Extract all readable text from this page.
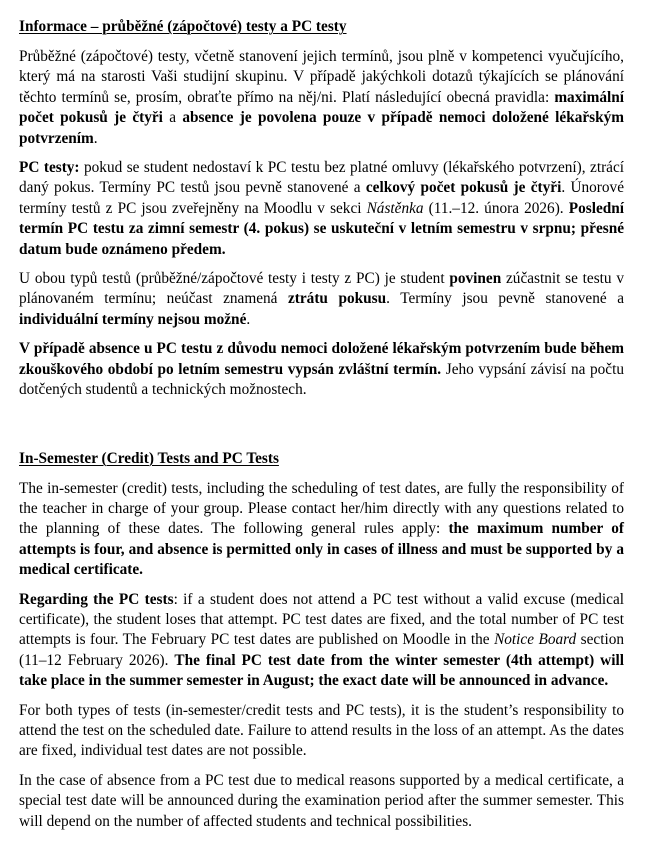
Informace – průběžné (zápočtové) testy a PC testy

Průběžné (zápočtové) testy, včetně stanovení jejich termínů, jsou plně v kompetenci vyučujícího, který má na starosti Vaši studijní skupinu. V případě jakýchkoli dotazů týkajících se plánování těchto termínů se, prosím, obraťte přímo na něj/ni. Platí následující obecná pravidla: maximální počet pokusů je čtyři a absence je povolena pouze v případě nemoci doložené lékařským potvrzením.

PC testy: pokud se student nedostaví k PC testu bez platné omluvy (lékařského potvrzení), ztrácí daný pokus. Termíny PC testů jsou pevně stanovené a celkový počet pokusů je čtyři. Únorové termíny testů z PC jsou zveřejněny na Moodlu v sekci Nástěnka (11.–12. února 2026). Poslední termín PC testu za zimní semestr (4. pokus) se uskuteční v letním semestru v srpnu; přesné datum bude oznámeno předem.

U obou typů testů (průběžné/zápočtové testy i testy z PC) je student povinen zúčastnit se testu v plánovaném termínu; neúčast znamená ztrátu pokusu. Termíny jsou pevně stanovené a individuální termíny nejsou možné.

V případě absence u PC testu z důvodu nemoci doložené lékařským potvrzením bude během zkouškového období po letním semestru vypsán zvláštní termín. Jeho vypsání závisí na počtu dotčených studentů a technických možnostech.

In-Semester (Credit) Tests and PC Tests

The in-semester (credit) tests, including the scheduling of test dates, are fully the responsibility of the teacher in charge of your group. Please contact her/him directly with any questions related to the planning of these dates. The following general rules apply: the maximum number of attempts is four, and absence is permitted only in cases of illness and must be supported by a medical certificate.

Regarding the PC tests: if a student does not attend a PC test without a valid excuse (medical certificate), the student loses that attempt. PC test dates are fixed, and the total number of PC test attempts is four. The February PC test dates are published on Moodle in the Notice Board section (11–12 February 2026). The final PC test date from the winter semester (4th attempt) will take place in the summer semester in August; the exact date will be announced in advance.

For both types of tests (in-semester/credit tests and PC tests), it is the student’s responsibility to attend the test on the scheduled date. Failure to attend results in the loss of an attempt. As the dates are fixed, individual test dates are not possible.

In the case of absence from a PC test due to medical reasons supported by a medical certificate, a special test date will be announced during the examination period after the summer semester. This will depend on the number of affected students and technical possibilities.
